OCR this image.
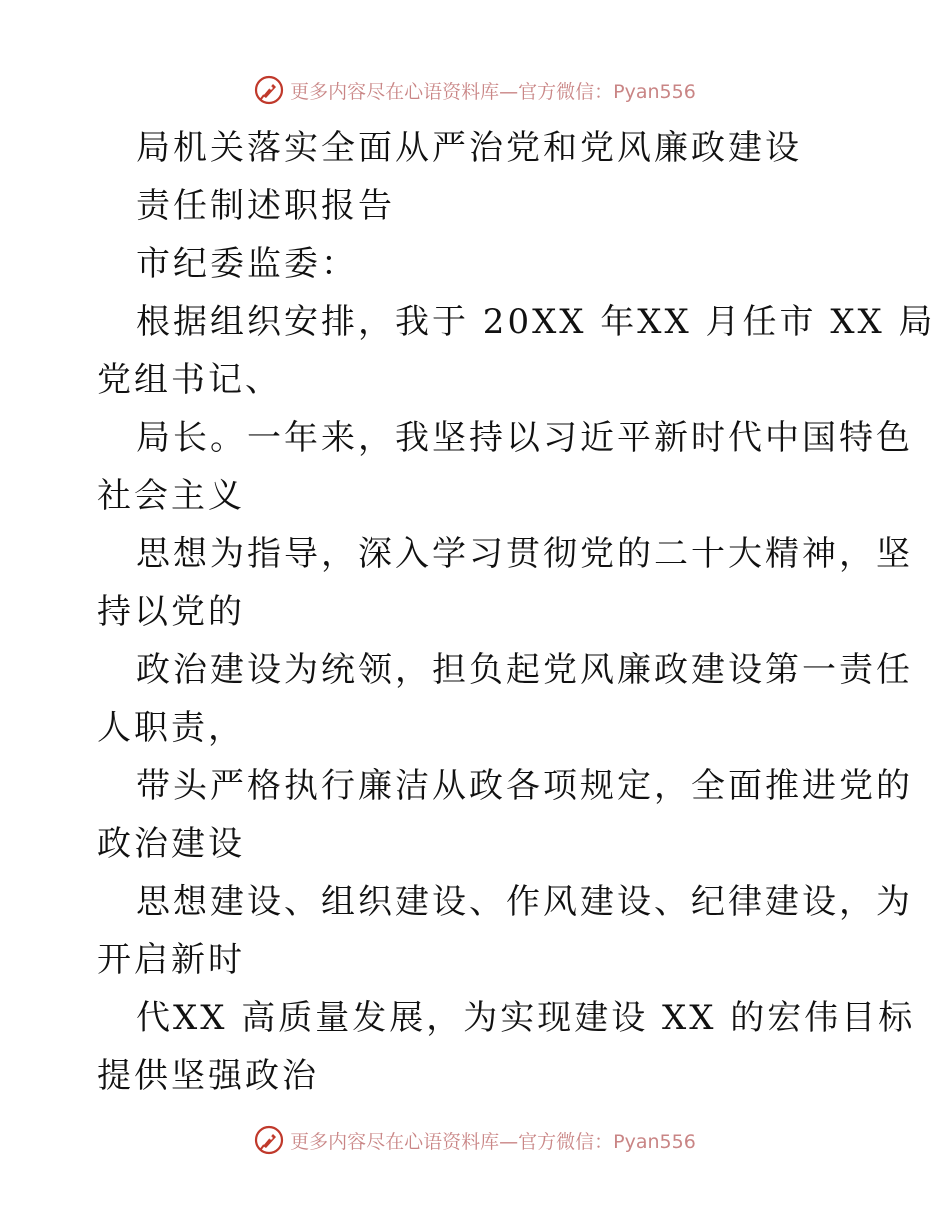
更多内容尽在心语资料库—官方微信：Pyan556
局机关落实全面从严治党和党风廉政建设
责任制述职报告
市纪委监委：
根据组织安排，我于 20XX 年XX 月任市 XX 局
党组书记、
局长。一年来，我坚持以习近平新时代中国特色
社会主义
思想为指导，深入学习贯彻党的二十大精神，坚
持以党的
政治建设为统领，担负起党风廉政建设第一责任
人职责，
带头严格执行廉洁从政各项规定，全面推进党的
政治建设
思想建设、组织建设、作风建设、纪律建设，为
开启新时
代XX 高质量发展，为实现建设 XX 的宏伟目标
提供坚强政治
更多内容尽在心语资料库—官方微信：Pyan556
